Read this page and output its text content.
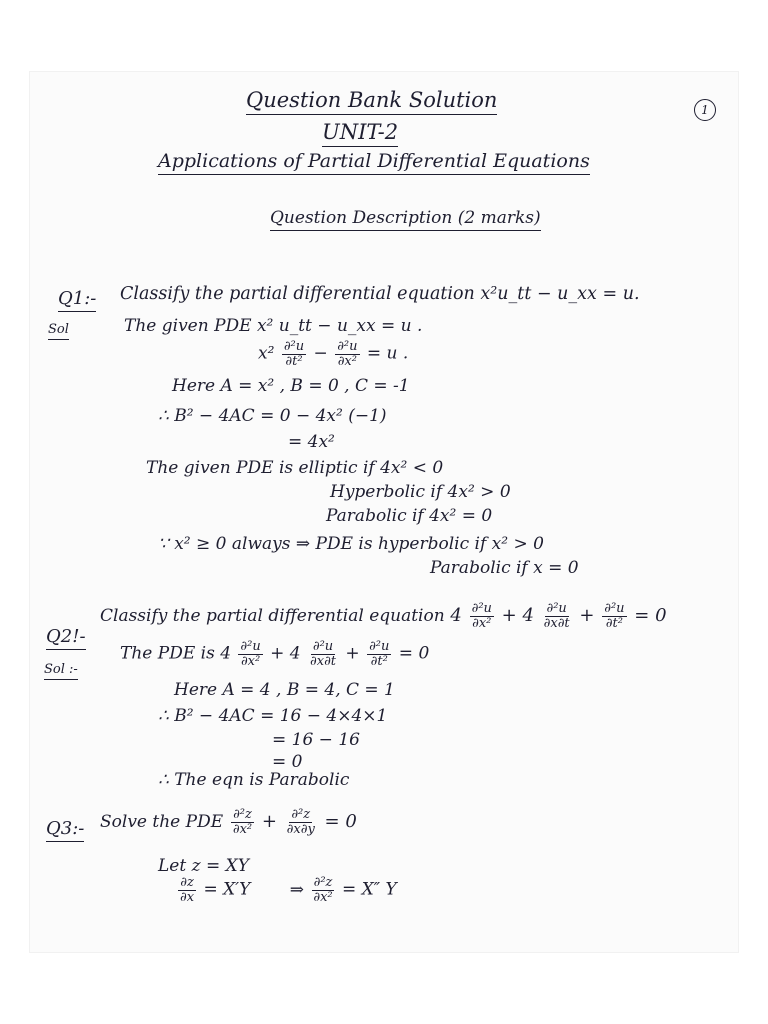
Question Bank Solution	1
UNIT-2
Applications of Partial Differential Equations
Question Description (2 marks)
Q1:- Classify the partial differential equation x²u_tt − u_xx = u.
Sol	The given PDE x² u_tt − u_xx = u .
$x^2 \frac{\text{∂²u}}{\text{∂t²}} - \frac{\text{∂²u}}{\text{∂x²}} = u$ .
Here A = x² , B = 0 , C = -1
∴ B² − 4AC = 0 − 4x² (−1)
= 4x²
The given PDE is elliptic if 4x² < 0
Hyperbolic if 4x² > 0
Parabolic if 4x² = 0
∵ x² ≥ 0 always ⇒ PDE is hyperbolic if x² > 0
Parabolic if x = 0
Q2!-
Classify the partial differential equation $4 \frac{\text{∂²u}}{\text{∂x²}} + 4 \frac{\text{∂²u}}{\partial x\partial t} + \frac{\text{∂²u}}{\text{∂t²}} = 0$
Sol :-
The PDE is $4 \frac{\text{∂²u}}{\text{∂x²}} + 4 \frac{\text{∂²u}}{\partial x\partial t} + \frac{\text{∂²u}}{\text{∂t²}} = 0$
Here A = 4 , B = 4, C = 1
∴ B² − 4AC = 16 − 4×4×1
= 16 − 16
= 0
∴ The eqn is Parabolic
Q3:- Solve the PDE $\frac{\text{∂²z}}{\text{∂x²}} + \frac{\text{∂²z}}{\partial x\partial y} = 0$
Let z = XY
$\frac{\partial z}{\partial x} = X'Y$ ⇒ $\frac{\text{∂²z}}{\text{∂x²}} = X''$ Y
